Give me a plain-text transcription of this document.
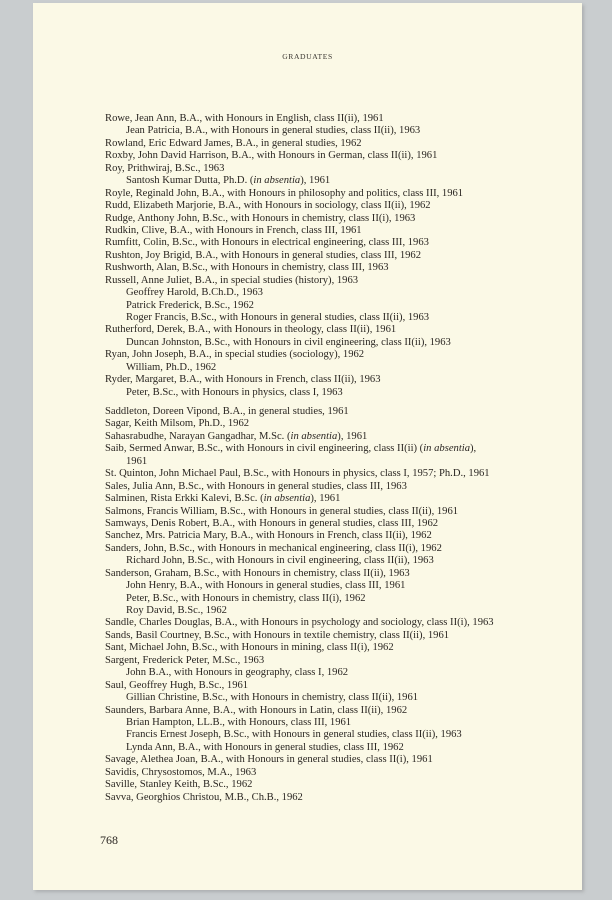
GRADUATES
Rowe, Jean Ann, B.A., with Honours in English, class II(ii), 1961
Jean Patricia, B.A., with Honours in general studies, class II(ii), 1963
Rowland, Eric Edward James, B.A., in general studies, 1962
Roxby, John David Harrison, B.A., with Honours in German, class II(ii), 1961
Roy, Prithwiraj, B.Sc., 1963
Santosh Kumar Dutta, Ph.D. (in absentia), 1961
Royle, Reginald John, B.A., with Honours in philosophy and politics, class III, 1961
Rudd, Elizabeth Marjorie, B.A., with Honours in sociology, class II(ii), 1962
Rudge, Anthony John, B.Sc., with Honours in chemistry, class II(i), 1963
Rudkin, Clive, B.A., with Honours in French, class III, 1961
Rumfitt, Colin, B.Sc., with Honours in electrical engineering, class III, 1963
Rushton, Joy Brigid, B.A., with Honours in general studies, class III, 1962
Rushworth, Alan, B.Sc., with Honours in chemistry, class III, 1963
Russell, Anne Juliet, B.A., in special studies (history), 1963
Geoffrey Harold, B.Ch.D., 1963
Patrick Frederick, B.Sc., 1962
Roger Francis, B.Sc., with Honours in general studies, class II(ii), 1963
Rutherford, Derek, B.A., with Honours in theology, class II(ii), 1961
Duncan Johnston, B.Sc., with Honours in civil engineering, class II(ii), 1963
Ryan, John Joseph, B.A., in special studies (sociology), 1962
William, Ph.D., 1962
Ryder, Margaret, B.A., with Honours in French, class II(ii), 1963
Peter, B.Sc., with Honours in physics, class I, 1963
Saddleton, Doreen Vipond, B.A., in general studies, 1961
Sagar, Keith Milsom, Ph.D., 1962
Sahasrabudhe, Narayan Gangadhar, M.Sc. (in absentia), 1961
Saib, Sermed Anwar, B.Sc., with Honours in civil engineering, class II(ii) (in absentia),
1961
St. Quinton, John Michael Paul, B.Sc., with Honours in physics, class I, 1957; Ph.D., 1961
Sales, Julia Ann, B.Sc., with Honours in general studies, class III, 1963
Salminen, Rista Erkki Kalevi, B.Sc. (in absentia), 1961
Salmons, Francis William, B.Sc., with Honours in general studies, class II(ii), 1961
Samways, Denis Robert, B.A., with Honours in general studies, class III, 1962
Sanchez, Mrs. Patricia Mary, B.A., with Honours in French, class II(ii), 1962
Sanders, John, B.Sc., with Honours in mechanical engineering, class II(i), 1962
Richard John, B.Sc., with Honours in civil engineering, class II(ii), 1963
Sanderson, Graham, B.Sc., with Honours in chemistry, class II(ii), 1963
John Henry, B.A., with Honours in general studies, class III, 1961
Peter, B.Sc., with Honours in chemistry, class II(i), 1962
Roy David, B.Sc., 1962
Sandle, Charles Douglas, B.A., with Honours in psychology and sociology, class II(i), 1963
Sands, Basil Courtney, B.Sc., with Honours in textile chemistry, class II(ii), 1961
Sant, Michael John, B.Sc., with Honours in mining, class II(i), 1962
Sargent, Frederick Peter, M.Sc., 1963
John B.A., with Honours in geography, class I, 1962
Saul, Geoffrey Hugh, B.Sc., 1961
Gillian Christine, B.Sc., with Honours in chemistry, class II(ii), 1961
Saunders, Barbara Anne, B.A., with Honours in Latin, class II(ii), 1962
Brian Hampton, LL.B., with Honours, class III, 1961
Francis Ernest Joseph, B.Sc., with Honours in general studies, class II(ii), 1963
Lynda Ann, B.A., with Honours in general studies, class III, 1962
Savage, Alethea Joan, B.A., with Honours in general studies, class II(i), 1961
Savidis, Chrysostomos, M.A., 1963
Saville, Stanley Keith, B.Sc., 1962
Savva, Georghios Christou, M.B., Ch.B., 1962
768
